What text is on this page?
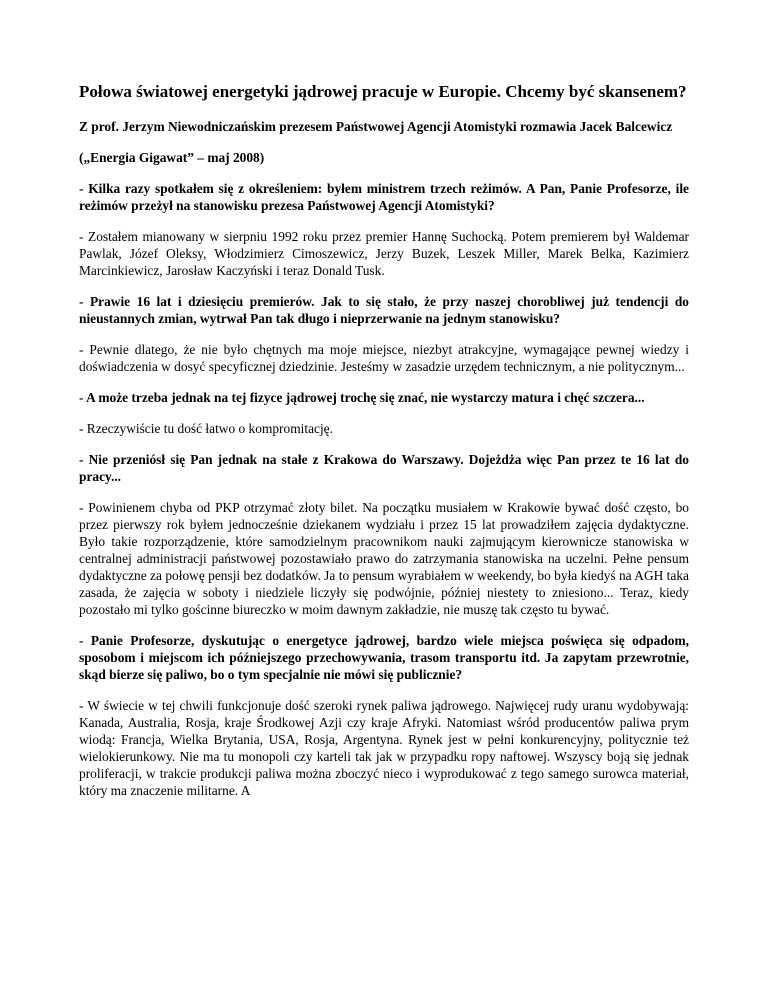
Połowa światowej energetyki jądrowej pracuje w Europie. Chcemy być skansenem?

Z prof. Jerzym Niewodniczańskim prezesem Państwowej Agencji Atomistyki rozmawia Jacek Balcewicz

(„Energia Gigawat” – maj 2008)

- Kilka razy spotkałem się z określeniem: byłem ministrem trzech reżimów. A Pan, Panie Profesorze, ile reżimów przeżył na stanowisku prezesa Państwowej Agencji Atomistyki?

- Zostałem mianowany w sierpniu 1992 roku przez premier Hannę Suchocką. Potem premierem był Waldemar Pawlak, Józef Oleksy, Włodzimierz Cimoszewicz, Jerzy Buzek, Leszek Miller, Marek Belka, Kazimierz Marcinkiewicz, Jarosław Kaczyński i teraz Donald Tusk.

- Prawie 16 lat i dziesięciu premierów. Jak to się stało, że przy naszej chorobliwej już tendencji do nieustannych zmian, wytrwał Pan tak długo i nieprzerwanie na jednym stanowisku?

- Pewnie dlatego, że nie było chętnych ma moje miejsce, niezbyt atrakcyjne, wymagające pewnej wiedzy i doświadczenia w dosyć specyficznej dziedzinie. Jesteśmy w zasadzie urzędem technicznym, a nie politycznym...

- A może trzeba jednak na tej fizyce jądrowej trochę się znać, nie wystarczy matura i chęć szczera...

- Rzeczywiście tu dość łatwo o kompromitację.

- Nie przeniósł się Pan jednak na stałe z Krakowa do Warszawy. Dojeżdża więc Pan przez te 16 lat do pracy...

- Powinienem chyba od PKP otrzymać złoty bilet. Na początku musiałem w Krakowie bywać dość często, bo przez pierwszy rok byłem jednocześnie dziekanem wydziału i przez 15 lat prowadziłem zajęcia dydaktyczne. Było takie rozporządzenie, które samodzielnym pracownikom nauki zajmującym kierownicze stanowiska w centralnej administracji państwowej pozostawiało prawo do zatrzymania stanowiska na uczelni. Pełne pensum dydaktyczne za połowę pensji bez dodatków. Ja to pensum wyrabiałem w weekendy, bo była kiedyś na AGH taka zasada, że zajęcia w soboty i niedziele liczyły się podwójnie, później niestety to zniesiono... Teraz, kiedy pozostało mi tylko gościnne biureczko w moim dawnym zakładzie, nie muszę tak często tu bywać.

- Panie Profesorze, dyskutując o energetyce jądrowej, bardzo wiele miejsca poświęca się odpadom, sposobom i miejscom ich późniejszego przechowywania, trasom transportu itd. Ja zapytam przewrotnie, skąd bierze się paliwo, bo o tym specjalnie nie mówi się publicznie?

- W świecie w tej chwili funkcjonuje dość szeroki rynek paliwa jądrowego. Najwięcej rudy uranu wydobywają: Kanada, Australia, Rosja, kraje Środkowej Azji czy kraje Afryki. Natomiast wśród producentów paliwa prym wiodą: Francja, Wielka Brytania, USA, Rosja, Argentyna. Rynek jest w pełni konkurencyjny, politycznie też wielokierunkowy. Nie ma tu monopoli czy karteli tak jak w przypadku ropy naftowej. Wszyscy boją się jednak proliferacji, w trakcie produkcji paliwa można zboczyć nieco i wyprodukować z tego samego surowca materiał, który ma znaczenie militarne. A
